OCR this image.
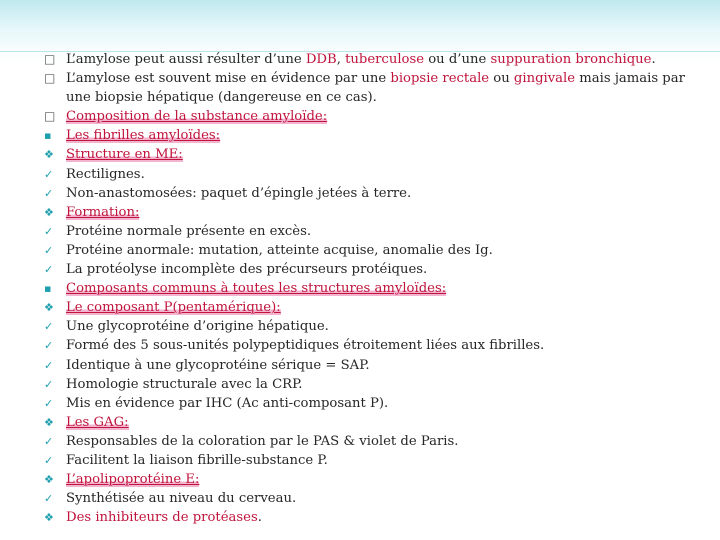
□ L’amylose peut aussi résulter d’une DDB, tuberculose ou d’une suppuration bronchique.
□ L’amylose est souvent mise en évidence par une biopsie rectale ou gingivale mais jamais par une biopsie hépatique (dangereuse en ce cas).
□ Composition de la substance amyloïde:
▪	Les fibrilles amyloïdes:
❖ Structure en ME:
✓ Rectilignes.
✓ Non-anastomosées: paquet d’épingle jetées à terre.
❖ Formation:
✓ Protéine normale présente en excès.
✓ Protéine anormale: mutation, atteinte acquise, anomalie des Ig.
✓ La protéolyse incomplète des précurseurs protéiques.
▪	Composants communs à toutes les structures amyloïdes:
❖ Le composant P(pentamérique):
✓ Une glycoprotéine d’origine hépatique.
✓ Formé des 5 sous-unités polypeptidiques étroitement liées aux fibrilles.
✓ Identique à une glycoprotéine sérique = SAP.
✓ Homologie structurale avec la CRP.
✓ Mis en évidence par IHC (Ac anti-composant P).
❖ Les GAG:
✓ Responsables de la coloration par le PAS & violet de Paris.
✓ Facilitent la liaison fibrille-substance P.
❖ L’apolipoprotéine E:
✓ Synthétisée au niveau du cerveau.
❖ Des inhibiteurs de protéases.
